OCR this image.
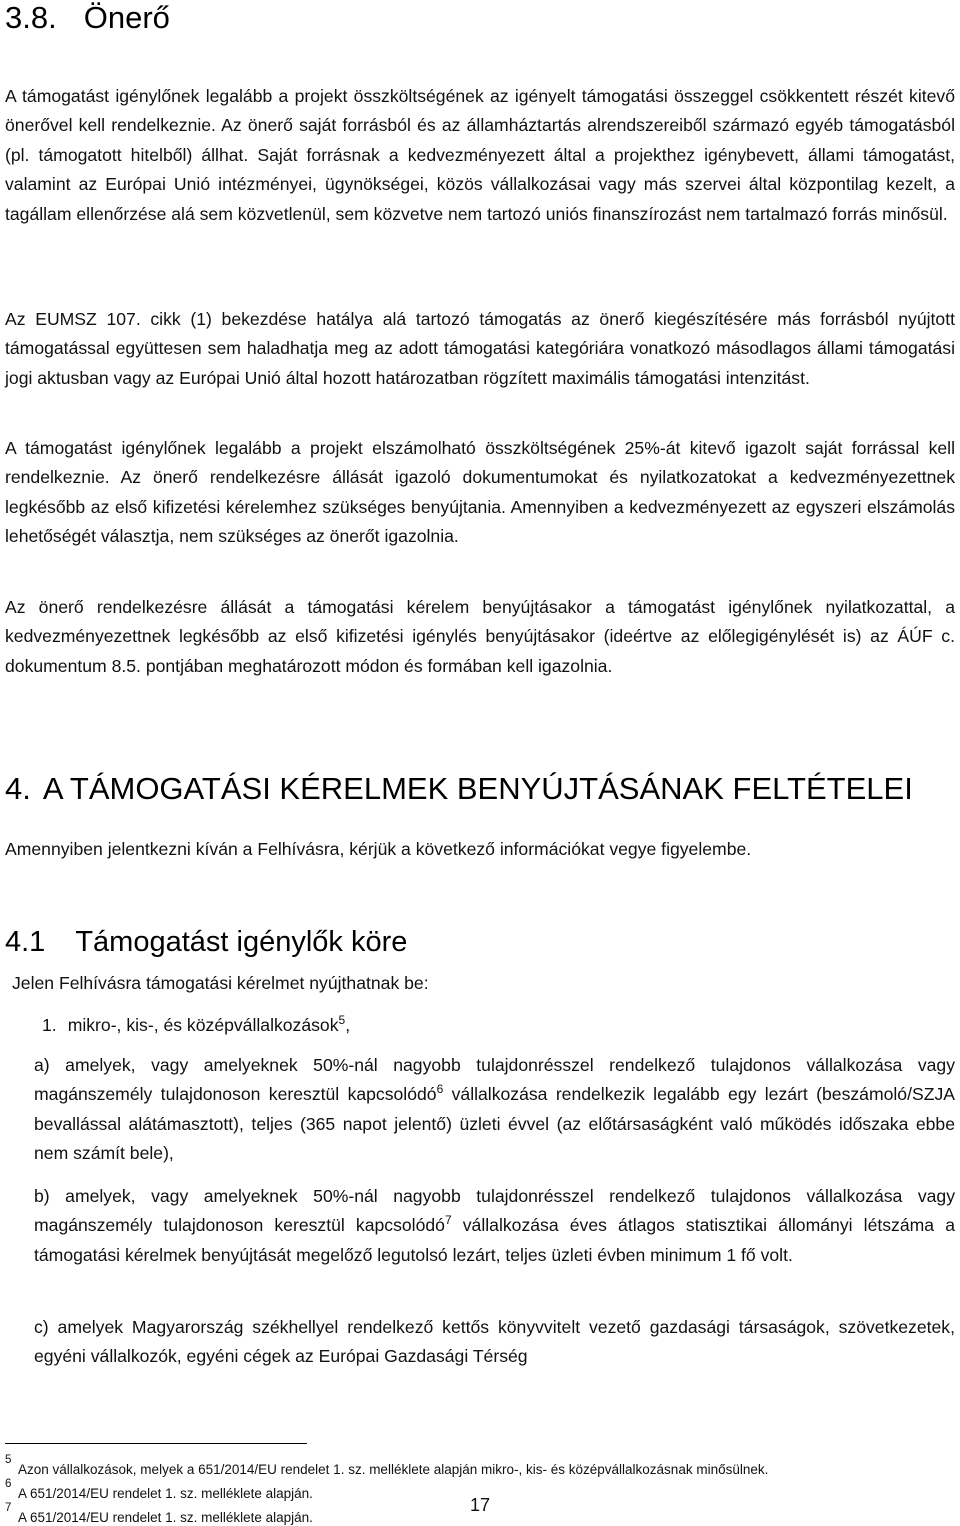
3.8. Önerő

A támogatást igénylőnek legalább a projekt összköltségének az igényelt támogatási összeggel csökkentett részét kitevő önerővel kell rendelkeznie. Az önerő saját forrásból és az államháztartás alrendszereiből származó egyéb támogatásból (pl. támogatott hitelből) állhat. Saját forrásnak a kedvezményezett által a projekthez igénybevett, állami támogatást, valamint az Európai Unió intézményei, ügynökségei, közös vállalkozásai vagy más szervei által központilag kezelt, a tagállam ellenőrzése alá sem közvetlenül, sem közvetve nem tartozó uniós finanszírozást nem tartalmazó forrás minősül.

Az EUMSZ 107. cikk (1) bekezdése hatálya alá tartozó támogatás az önerő kiegészítésére más forrásból nyújtott támogatással együttesen sem haladhatja meg az adott támogatási kategóriára vonatkozó másodlagos állami támogatási jogi aktusban vagy az Európai Unió által hozott határozatban rögzített maximális támogatási intenzitást.

A támogatást igénylőnek legalább a projekt elszámolható összköltségének 25%-át kitevő igazolt saját forrással kell rendelkeznie. Az önerő rendelkezésre állását igazoló dokumentumokat és nyilatkozatokat a kedvezményezettnek legkésőbb az első kifizetési kérelemhez szükséges benyújtania. Amennyiben a kedvezményezett az egyszeri elszámolás lehetőségét választja, nem szükséges az önerőt igazolnia.

Az önerő rendelkezésre állását a támogatási kérelem benyújtásakor a támogatást igénylőnek nyilatkozattal, a kedvezményezettnek legkésőbb az első kifizetési igénylés benyújtásakor (ideértve az előlegigénylését is) az ÁÚF c. dokumentum 8.5. pontjában meghatározott módon és formában kell igazolnia.

4. A TÁMOGATÁSI KÉRELMEK BENYÚJTÁSÁNAK FELTÉTELEI
Amennyiben jelentkezni kíván a Felhívásra, kérjük a következő információkat vegye figyelembe.
4.1 Támogatást igénylők köre
Jelen Felhívásra támogatási kérelmet nyújthatnak be:
1. mikro-, kis-, és középvállalkozások$^5$,

a) amelyek, vagy amelyeknek 50%-nál nagyobb tulajdonrésszel rendelkező tulajdonos vállalkozása vagy magánszemély tulajdonoson keresztül kapcsolódó$^6$ vállalkozása rendelkezik legalább egy lezárt (beszámoló/SZJA bevallással alátámasztott), teljes (365 napot jelentő) üzleti évvel (az előtársaságként való működés időszaka ebbe nem számít bele),

b) amelyek, vagy amelyeknek 50%-nál nagyobb tulajdonrésszel rendelkező tulajdonos vállalkozása vagy magánszemély tulajdonoson keresztül kapcsolódó$^7$ vállalkozása éves átlagos statisztikai állományi létszáma a támogatási kérelmek benyújtását megelőző legutolsó lezárt, teljes üzleti évben minimum 1 fő volt.

c) amelyek Magyarország székhellyel rendelkező kettős könyvvitelt vezető gazdasági társaságok, szövetkezetek, egyéni vállalkozók, egyéni cégek az Európai Gazdasági Térség

5
Azon vállalkozások, melyek a 651/2014/EU rendelet 1. sz. melléklete alapján mikro-, kis- és középvállalkozásnak minősülnek.
6
A 651/2014/EU rendelet 1. sz. melléklete alapján.
7
A 651/2014/EU rendelet 1. sz. melléklete alapján.
17
